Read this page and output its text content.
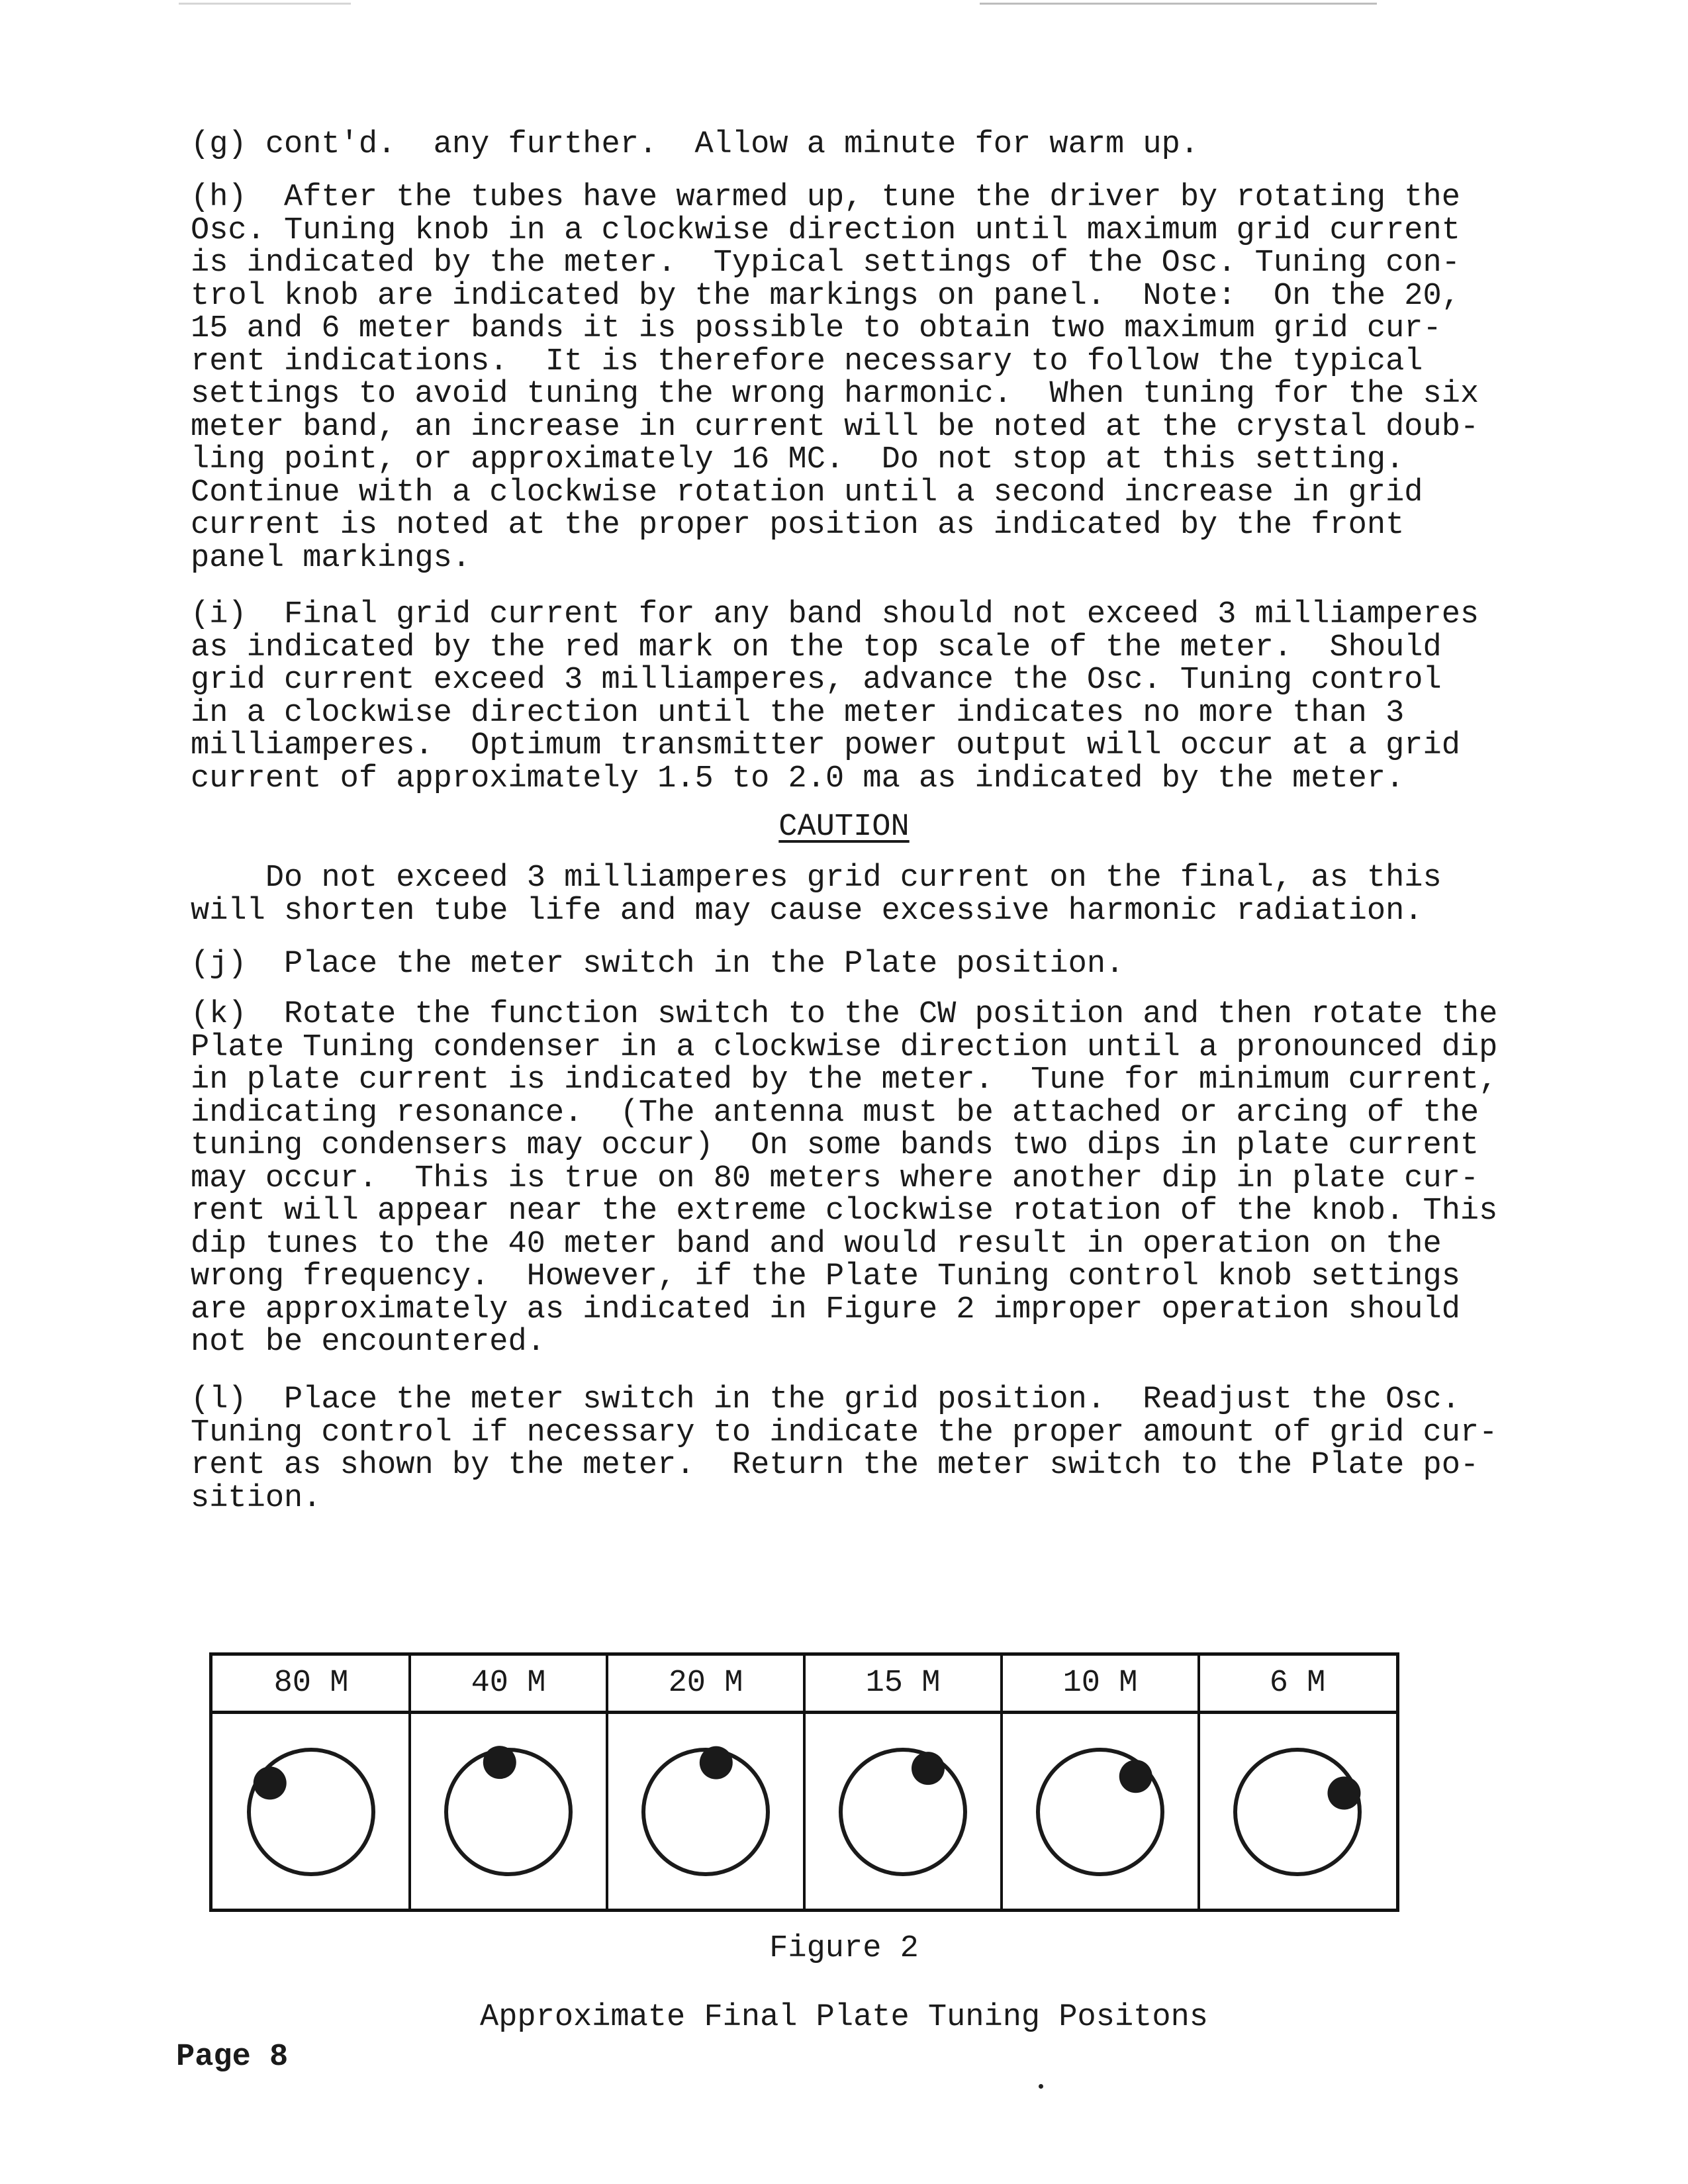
(g) cont'd.  any further.  Allow a minute for warm up.

(h)  After the tubes have warmed up, tune the driver by rotating the
Osc. Tuning knob in a clockwise direction until maximum grid current
is indicated by the meter.  Typical settings of the Osc. Tuning con-
trol knob are indicated by the markings on panel.  Note:  On the 20,
15 and 6 meter bands it is possible to obtain two maximum grid cur-
rent indications.  It is therefore necessary to follow the typical
settings to avoid tuning the wrong harmonic.  When tuning for the six
meter band, an increase in current will be noted at the crystal doub-
ling point, or approximately 16 MC.  Do not stop at this setting.
Continue with a clockwise rotation until a second increase in grid
current is noted at the proper position as indicated by the front
panel markings.

(i)  Final grid current for any band should not exceed 3 milliamperes
as indicated by the red mark on the top scale of the meter.  Should
grid current exceed 3 milliamperes, advance the Osc. Tuning control
in a clockwise direction until the meter indicates no more than 3
milliamperes.  Optimum transmitter power output will occur at a grid
current of approximately 1.5 to 2.0 ma as indicated by the meter.

CAUTION

Do not exceed 3 milliamperes grid current on the final, as this
will shorten tube life and may cause excessive harmonic radiation.

(j)  Place the meter switch in the Plate position.

(k)  Rotate the function switch to the CW position and then rotate the
Plate Tuning condenser in a clockwise direction until a pronounced dip
in plate current is indicated by the meter.  Tune for minimum current,
indicating resonance.  (The antenna must be attached or arcing of the
tuning condensers may occur)  On some bands two dips in plate current
may occur.  This is true on 80 meters where another dip in plate cur-
rent will appear near the extreme clockwise rotation of the knob. This
dip tunes to the 40 meter band and would result in operation on the
wrong frequency.  However, if the Plate Tuning control knob settings
are approximately as indicated in Figure 2 improper operation should
not be encountered.

(l)  Place the meter switch in the grid position.  Readjust the Osc.
Tuning control if necessary to indicate the proper amount of grid cur-
rent as shown by the meter.  Return the meter switch to the Plate po-
sition.

80 M	40 M	20 M	15 M	10 M	6 M
Figure 2
Approximate Final Plate Tuning Positons
Page 8
